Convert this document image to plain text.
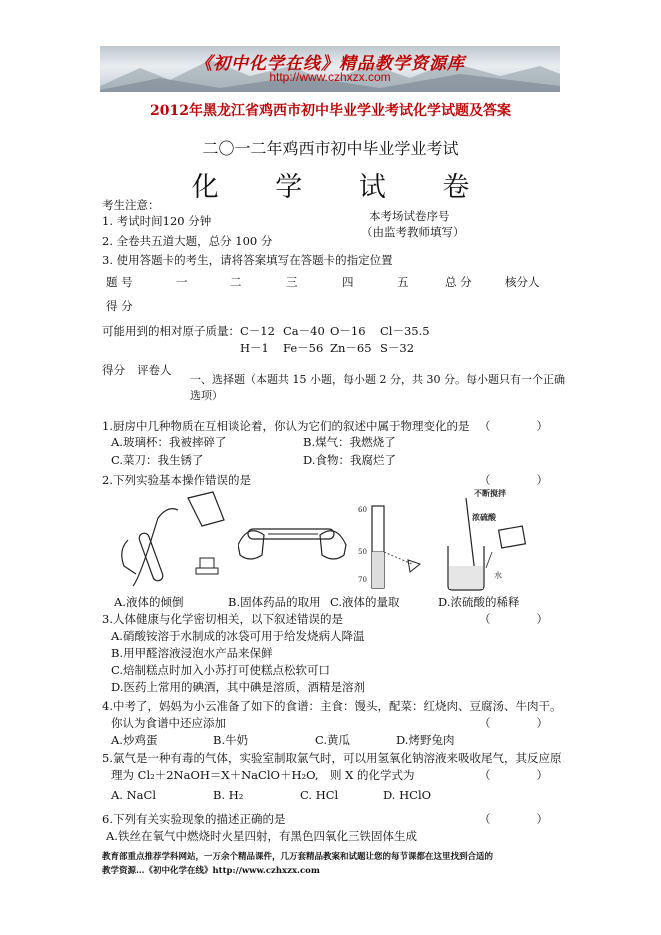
《初中化学在线》精品教学资源库
http://www.czhxzx.com
2012年黑龙江省鸡西市初中毕业学业考试化学试题及答案
二〇一二年鸡西市初中毕业学业考试
化 学 试 卷
考生注意：
1. 考试时间120 分钟
2. 全卷共五道大题，总分 100 分
3. 使用答题卡的考生，请将答案填写在答题卡的指定位置
本考场试卷序号
（由监考教师填写）
题 号	一	二	三	四	五	总 分	核分人
得 分
可能用到的相对原子质量： C－12 Ca－40 O－16 Cl－35.5
H－1 Fe－56 Zn－65 S－32
得分 评卷人
一、选择题（本题共 15 小题，每小题 2 分，共 30 分。每小题只有一个正确选项）
1.厨房中几种物质在互相谈论着，你认为它们的叙述中属于物理变化的是 （　　　　）
A.玻璃杯：我被摔碎了	B.煤气：我燃烧了
C.菜刀：我生锈了	D.食物：我腐烂了
2.下列实验基本操作错误的是	（　　　　）
60
50
70
不断搅拌
浓硫酸
水
A.液体的倾倒	B.固体药品的取用 C.液体的量取	D.浓硫酸的稀释
3.人体健康与化学密切相关，以下叙述错误的是	（　　　　）
A.硝酸铵溶于水制成的冰袋可用于给发烧病人降温
B.用甲醛溶液浸泡水产品来保鲜
C.焙制糕点时加入小苏打可使糕点松软可口
D.医药上常用的碘酒，其中碘是溶质，酒精是溶剂
4.中考了，妈妈为小云准备了如下的食谱：主食：馒头，配菜：红烧肉、豆腐汤、牛肉干。
你认为食谱中还应添加	（　　　　）
A.炒鸡蛋	B.牛奶	C.黄瓜	D.烤野兔肉
5.氯气是一种有毒的气体，实验室制取氯气时，可以用氢氧化钠溶液来吸收尾气，其反应原
理为 Cl₂＋2NaOH＝X＋NaClO＋H₂O,　则 X 的化学式为	（　　　　）
A. NaCl	B. H₂	C. HCl	D. HClO
6.下列有关实验现象的描述正确的是	（　　　　）
A.铁丝在氧气中燃烧时火星四射，有黑色四氧化三铁固体生成
教育部重点推荐学科网站，一万余个精品课件，几万套精品教案和试题让您的每节课都在这里找到合适的
教学资源…《初中化学在线》http://www.czhxzx.com
